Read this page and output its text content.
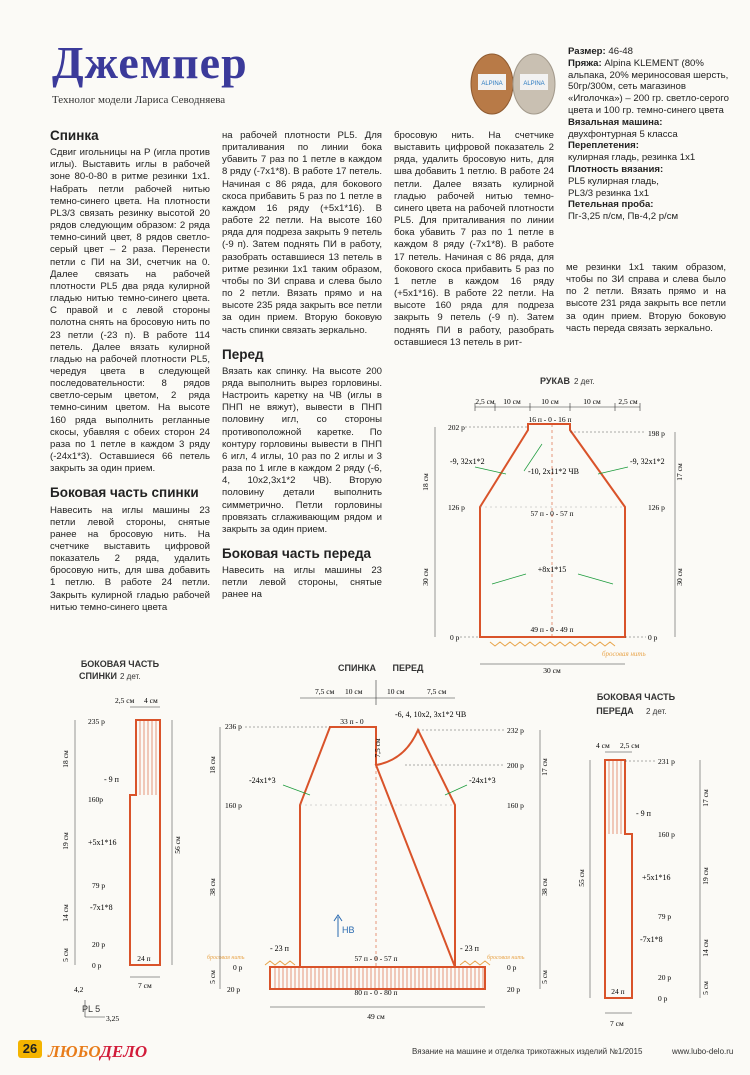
Джемпер
Технолог модели Лариса Севодняева
ALPINA	ALPINA
Размер: 46-48
Пряжа: Alpina KLEMENT (80% альпака, 20% мериносовая шерсть, 50гр/300м, сеть магазинов «Иголочка») – 200 гр. светло-серого цвета и 100 гр. темно-синего цвета
Вязальная машина:
двухфонтурная 5 класса
Переплетения:
кулирная гладь, резинка 1х1
Плотность вязания:
PL5 кулирная гладь,
PL3/3 резинка 1х1
Петельная проба:
Пг-3,25 п/см, Пв-4,2 р/см
Спинка

Сдвиг игольницы на Р (игла против иглы). Выставить иглы в рабочей зоне 80-0-80 в ритме резинки 1х1. Набрать петли рабочей нитью темно-синего цвета. На плотности PL3/3 связать резинку высотой 20 рядов следующим образом: 2 ряда темно-синий цвет, 8 рядов светло-серый цвет – 2 раза. Перенести петли с ПИ на ЗИ, счетчик на 0. Далее связать на рабочей плотности PL5 два ряда кулирной гладью нитью темно-синего цвета. С правой и с левой стороны полотна снять на бросовую нить по 23 петли (-23 п). В работе 114 петель. Далее вязать кулирной гладью на рабочей плотности PL5, чередуя цвета в следующей последовательности: 8 рядов светло-серым цветом, 2 ряда темно-синим цветом. На высоте 160 ряда выполнить регланные скосы, убавляя с обеих сторон 24 раза по 1 петле в каждом 3 ряду (-24х1*3). Оставшиеся 66 петель закрыть за один прием.

Боковая часть спинки

Навесить на иглы машины 23 петли левой стороны, снятые ранее на бросовую нить. На счетчике выставить цифровой показатель 2 ряда, удалить бросовую нить, для шва добавить 1 петлю. В работе 24 петли. Закрыть кулирной гладью рабочей нитью темно-синего цвета

на рабочей плотности PL5. Для приталивания по линии бока убавить 7 раз по 1 петле в каждом 8 ряду (-7х1*8). В работе 17 петель. Начиная с 86 ряда, для бокового скоса прибавить 5 раз по 1 петле в каждом 16 ряду (+5х1*16). В работе 22 петли. На высоте 160 ряда для подреза закрыть 9 петель (-9 п). Затем поднять ПИ в работу, разобрать оставшиеся 13 петель в ритме резинки 1х1 таким образом, чтобы по ЗИ справа и слева было по 2 петли. Вязать прямо и на высоте 235 ряда закрыть все петли за один прием. Вторую боковую часть спинки связать зеркально.

Перед

Вязать как спинку. На высоте 200 ряда выполнить вырез горловины. Настроить каретку на ЧВ (иглы в ПНП не вяжут), вывести в ПНП половину игл, со стороны противоположной каретке. По контуру горловины вывести в ПНП 6 игл, 4 иглы, 10 раз по 2 иглы и 3 раза по 1 игле в каждом 2 ряду (-6, 4, 10х2,3х1*2 ЧВ). Вторую половину детали выполнить симметрично. Петли горловины провязать сглаживающим рядом и закрыть за один прием.

Боковая часть переда

Навесить на иглы машины 23 петли левой стороны, снятые ранее на

бросовую нить. На счетчике выставить цифровой показатель 2 ряда, удалить бросовую нить, для шва добавить 1 петлю. В работе 24 петли. Далее вязать кулирной гладью рабочей нитью темно-синего цвета на рабочей плотности PL5. Для приталивания по линии бока убавить 7 раз по 1 петле в каждом 8 ряду (-7х1*8). В работе 17 петель. Начиная с 86 ряда, для бокового скоса прибавить 5 раз по 1 петле в каждом 16 ряду (+5х1*16). В работе 22 петли. На высоте 160 ряда для подреза закрыть 9 петель (-9 п). Затем поднять ПИ в работу, разобрать оставшиеся 13 петель в рит-

ме резинки 1х1 таким образом, чтобы по ЗИ справа и слева было по 2 петли. Вязать прямо и на высоте 231 ряда закрыть все петли за один прием. Вторую боковую часть переда связать зеркально.

РУКАВ 2 дет.
2,5 см 10 см	10 см	10 см 2,5 см
16 п - 0 - 16 п
202 р
198 р
126 р	126 р
0 р	0 р
-9, 32х1*2	-9, 32х1*2
-10, 2х11*2 ЧВ
57 п - 0 - 57 п
+8х1*15
49 п - 0 - 49 п
бросовая нить
18 см
30 см
17 см
30 см
30 см
БОКОВАЯ ЧАСТЬ
СПИНКИ 2 дет.
2,5 см 4 см
235 р
160р
79 р
20 р
0 р
18 см
19 см
14 см
5 см
- 9 п
+5х1*16
-7х1*8
24 п
56 см
7 см
4,2
PL 5
3,25
СПИНКА ПЕРЕД
7,5 см 10 см	10 см	7,5 см
80 п - 0 - 80 п
57 п - 0 - 57 п
33 п - 0
-6, 4, 10х2, 3х1*2 ЧВ
7,5 см
236 р	232 р
200 р
160 р	160 р
0 р	0 р
20 р	20 р
-24х1*3	-24х1*3
НВ
- 23 п	- 23 п
бросовая нить	бросовая нить
18 см
38 см
5 см
17 см
38 см
5 см
49 см
БОКОВАЯ ЧАСТЬ
ПЕРЕДА 2 дет.
4 см 2,5 см
231 р
160 р
79 р
20 р
0 р
- 9 п
+5х1*16
-7х1*8
24 п
55 см
17 см
19 см
14 см
5 см
7 см
26 ЛЮБОДЕЛО	Вязание на машине и отделка трикотажных изделий №1/2015	www.lubo-delo.ru
